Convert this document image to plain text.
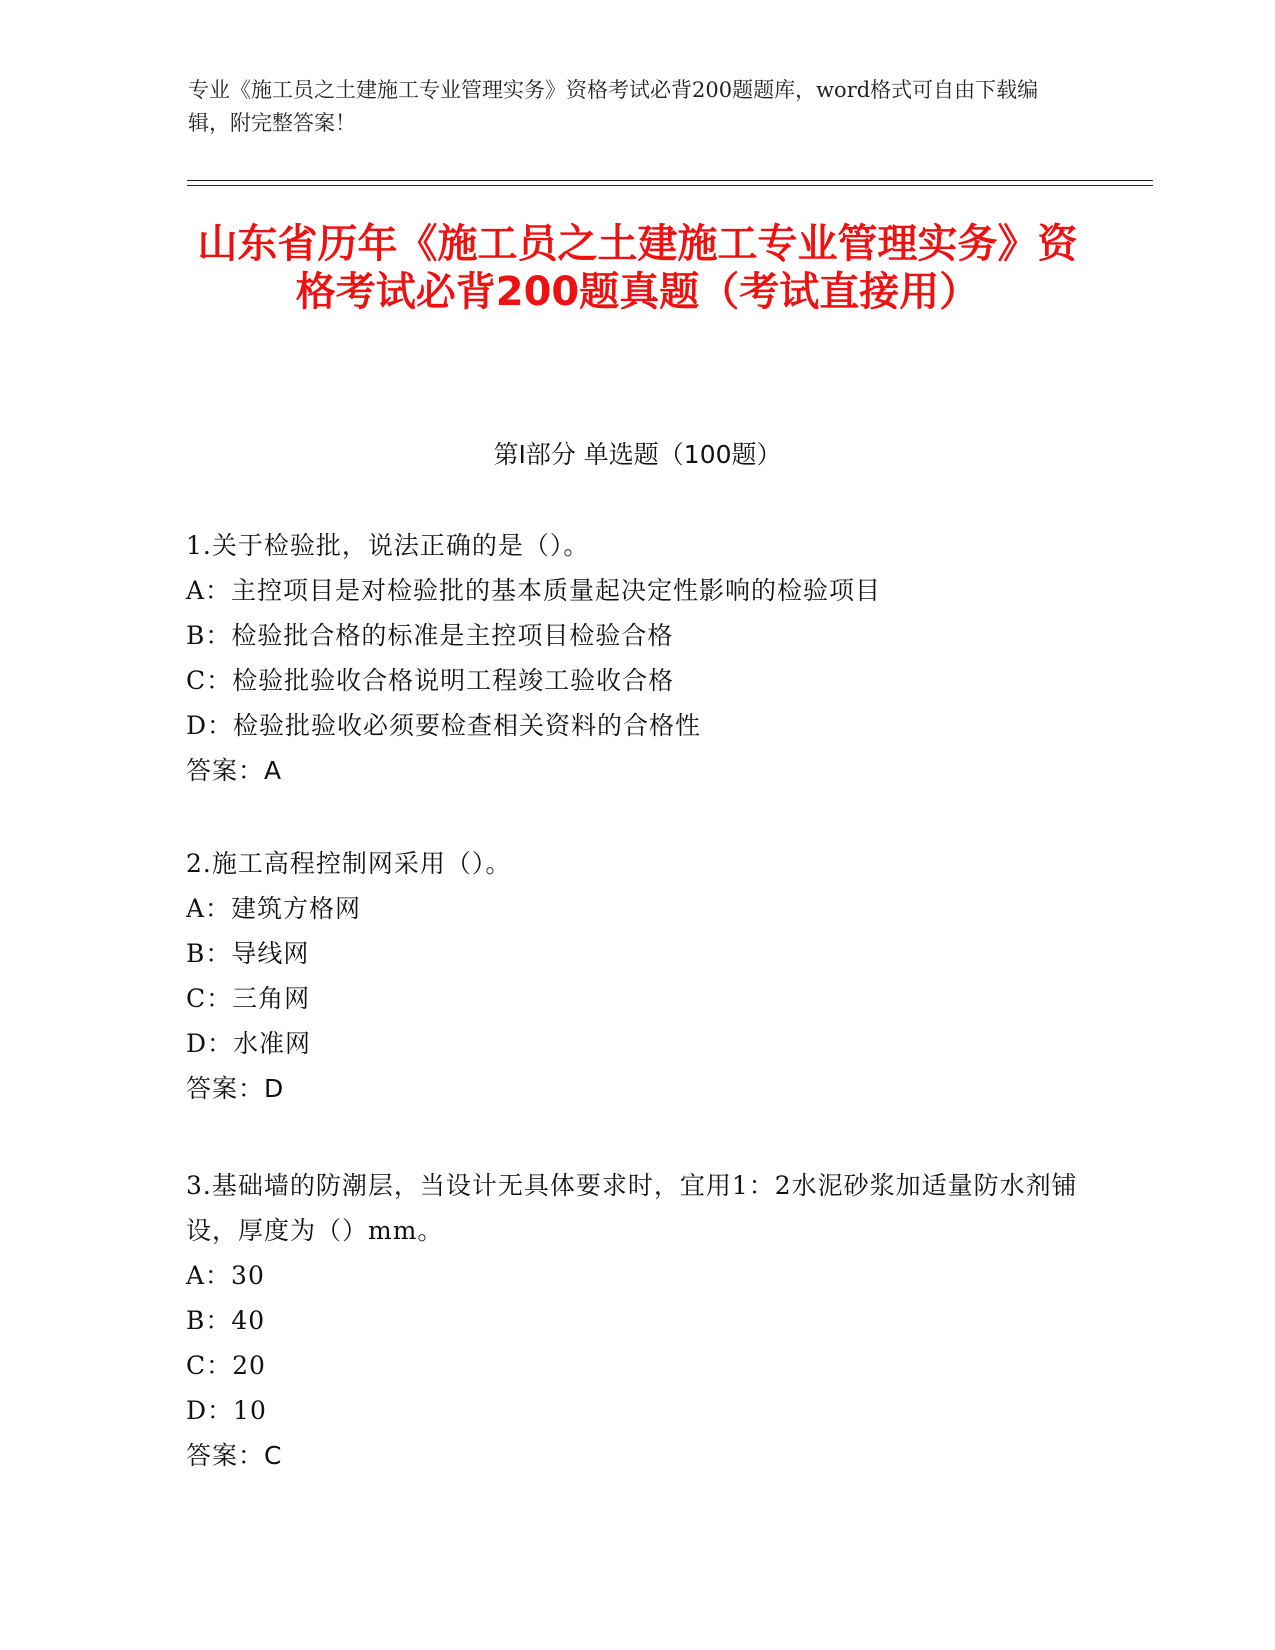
专业《施工员之土建施工专业管理实务》资格考试必背200题题库，word格式可自由下载编辑，附完整答案！
山东省历年《施工员之土建施工专业管理实务》资格考试必背200题真题（考试直接用）
第I部分 单选题（100题）
1.关于检验批，说法正确的是（）。
A：主控项目是对检验批的基本质量起决定性影响的检验项目
B：检验批合格的标准是主控项目检验合格
C：检验批验收合格说明工程竣工验收合格
D：检验批验收必须要检查相关资料的合格性
答案：A
2.施工高程控制网采用（）。
A：建筑方格网
B：导线网
C：三角网
D：水准网
答案：D
3.基础墙的防潮层，当设计无具体要求时，宜用1：2水泥砂浆加适量防水剂铺设，厚度为（）mm。
A：30
B：40
C：20
D：10
答案：C
